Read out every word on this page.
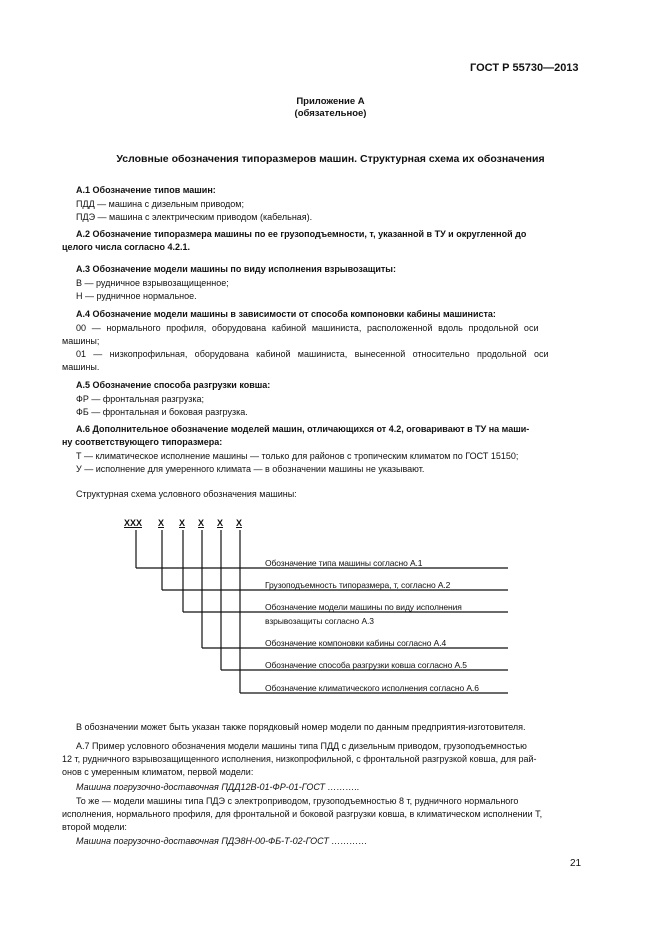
ГОСТ Р 55730—2013
Приложение А
(обязательное)
Условные обозначения типоразмеров машин. Структурная схема их обозначения
А.1 Обозначение типов машин:
ПДД — машина с дизельным приводом;
ПДЭ — машина с электрическим приводом (кабельная).
А.2 Обозначение типоразмера машины по ее грузоподъемности, т, указанной в ТУ и округленной до
целого числа согласно 4.2.1.
А.3 Обозначение модели машины по виду исполнения взрывозащиты:
В — рудничное взрывозащищенное;
Н — рудничное нормальное.
А.4 Обозначение модели машины в зависимости от способа компоновки кабины машиниста:
00 — нормального профиля, оборудована кабиной машиниста, расположенной вдоль продольной оси
машины;
01 — низкопрофильная, оборудована кабиной машиниста, вынесенной относительно продольной оси
машины.
А.5 Обозначение способа разгрузки ковша:
ФР — фронтальная разгрузка;
ФБ — фронтальная и боковая разгрузка.
А.6 Дополнительное обозначение моделей машин, отличающихся от 4.2, оговаривают в ТУ на маши-
ну соответствующего типоразмера:
Т — климатическое исполнение машины — только для районов с тропическим климатом по ГОСТ 15150;
У — исполнение для умеренного климата — в обозначении машины не указывают.
Структурная схема условного обозначения машины:
ХХХ Х Х Х Х Х
Обозначение типа машины согласно А.1
Грузоподъемность типоразмера, т, согласно А.2
Обозначение модели машины по виду исполнения
взрывозащиты согласно А.3
Обозначение компоновки кабины согласно А.4
Обозначение способа разгрузки ковша согласно А.5
Обозначение климатического исполнения согласно А.6
В обозначении может быть указан также порядковый номер модели по данным предприятия-изготовителя.
А.7 Пример условного обозначения модели машины типа ПДД с дизельным приводом, грузоподъемностью
12 т, рудничного взрывозащищенного исполнения, низкопрофильной, с фронтальной разгрузкой ковша, для рай-
онов с умеренным климатом, первой модели:
Машина погрузочно-доставочная ПДД12В-01-ФР-01-ГОСТ ………..
То же — модели машины типа ПДЭ с электроприводом, грузоподъемностью 8 т, рудничного нормального
исполнения, нормального профиля, для фронтальной и боковой разгрузки ковша, в климатическом исполнении Т,
второй модели:
Машина погрузочно-доставочная ПДЭ8Н-00-ФБ-Т-02-ГОСТ …………
21
